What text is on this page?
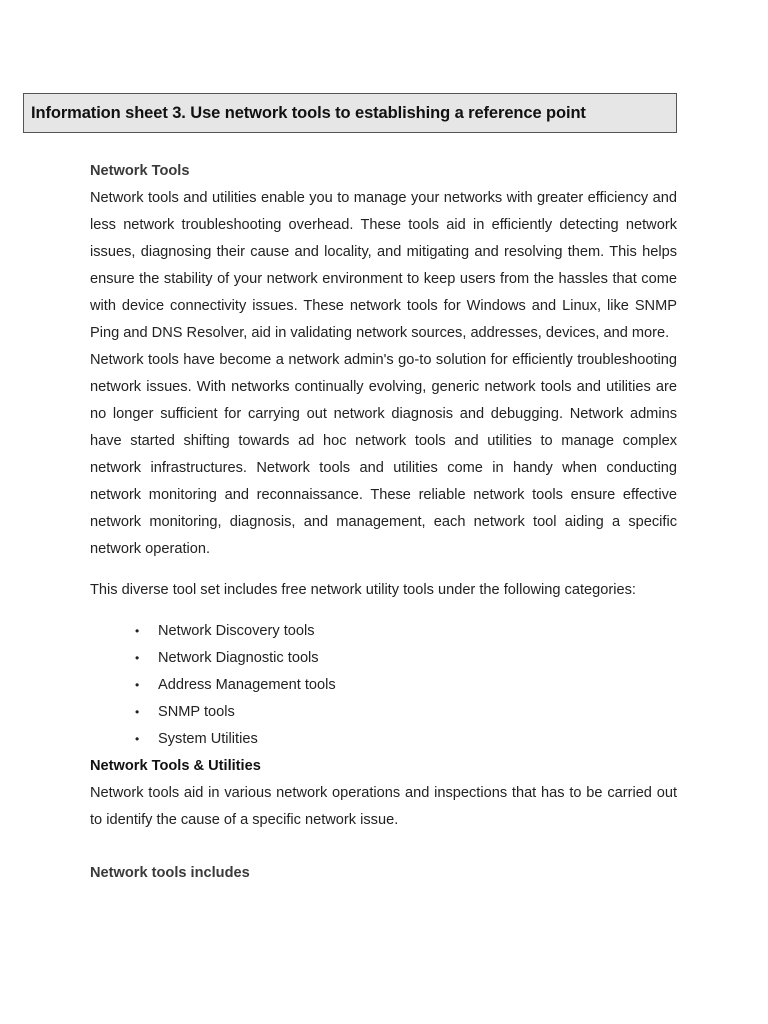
Information sheet 3. Use network tools to establishing a reference point

Network Tools

Network tools and utilities enable you to manage your networks with greater efficiency and less network troubleshooting overhead. These tools aid in efficiently detecting network issues, diagnosing their cause and locality, and mitigating and resolving them. This helps ensure the stability of your network environment to keep users from the hassles that come with device connectivity issues. These network tools for Windows and Linux, like SNMP Ping and DNS Resolver, aid in validating network sources, addresses, devices, and more.

Network tools have become a network admin's go-to solution for efficiently troubleshooting network issues. With networks continually evolving, generic network tools and utilities are no longer sufficient for carrying out network diagnosis and debugging. Network admins have started shifting towards ad hoc network tools and utilities to manage complex network infrastructures. Network tools and utilities come in handy when conducting network monitoring and reconnaissance. These reliable network tools ensure effective network monitoring, diagnosis, and management, each network tool aiding a specific network operation.

This diverse tool set includes free network utility tools under the following categories:

• Network Discovery tools
• Network Diagnostic tools
• Address Management tools
• SNMP tools
• System Utilities

Network Tools & Utilities

Network tools aid in various network operations and inspections that has to be carried out to identify the cause of a specific network issue.

Network tools includes
